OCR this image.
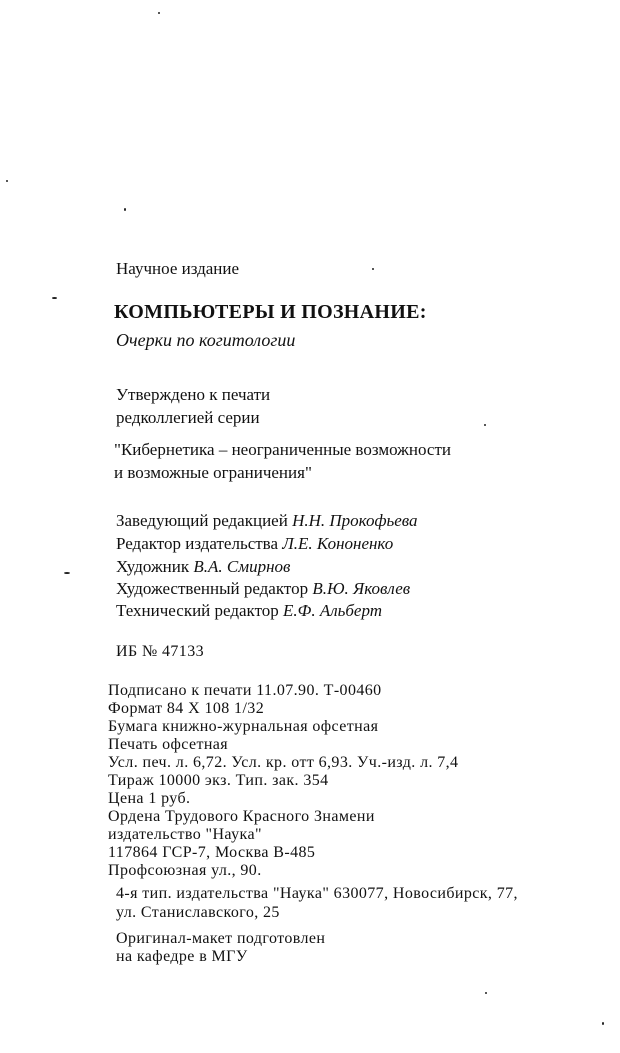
Научное издание
КОМПЬЮТЕРЫ И ПОЗНАНИЕ:
Очерки по когитологии
Утверждено к печати
редколлегией серии
"Кибернетика – неограниченные возможности
и возможные ограничения"
Заведующий редакцией Н.Н. Прокофьева
Редактор издательства Л.Е. Кононенко
Художник В.А. Смирнов
Художественный редактор В.Ю. Яковлев
Технический редактор Е.Ф. Альберт
ИБ № 47133
Подписано к печати 11.07.90. Т-00460
Формат 84 X 108 1/32
Бумага книжно-журнальная офсетная
Печать офсетная
Усл. печ. л. 6,72. Усл. кр. отт 6,93. Уч.-изд. л. 7,4
Тираж 10000 экз. Тип. зак. 354
Цена 1 руб.
Ордена Трудового Красного Знамени
издательство "Наука"
117864 ГСР-7, Москва В-485
Профсоюзная ул., 90.
4-я тип. издательства "Наука" 630077, Новосибирск, 77,
ул. Станиславского, 25
Оригинал-макет подготовлен
на кафедре в МГУ
